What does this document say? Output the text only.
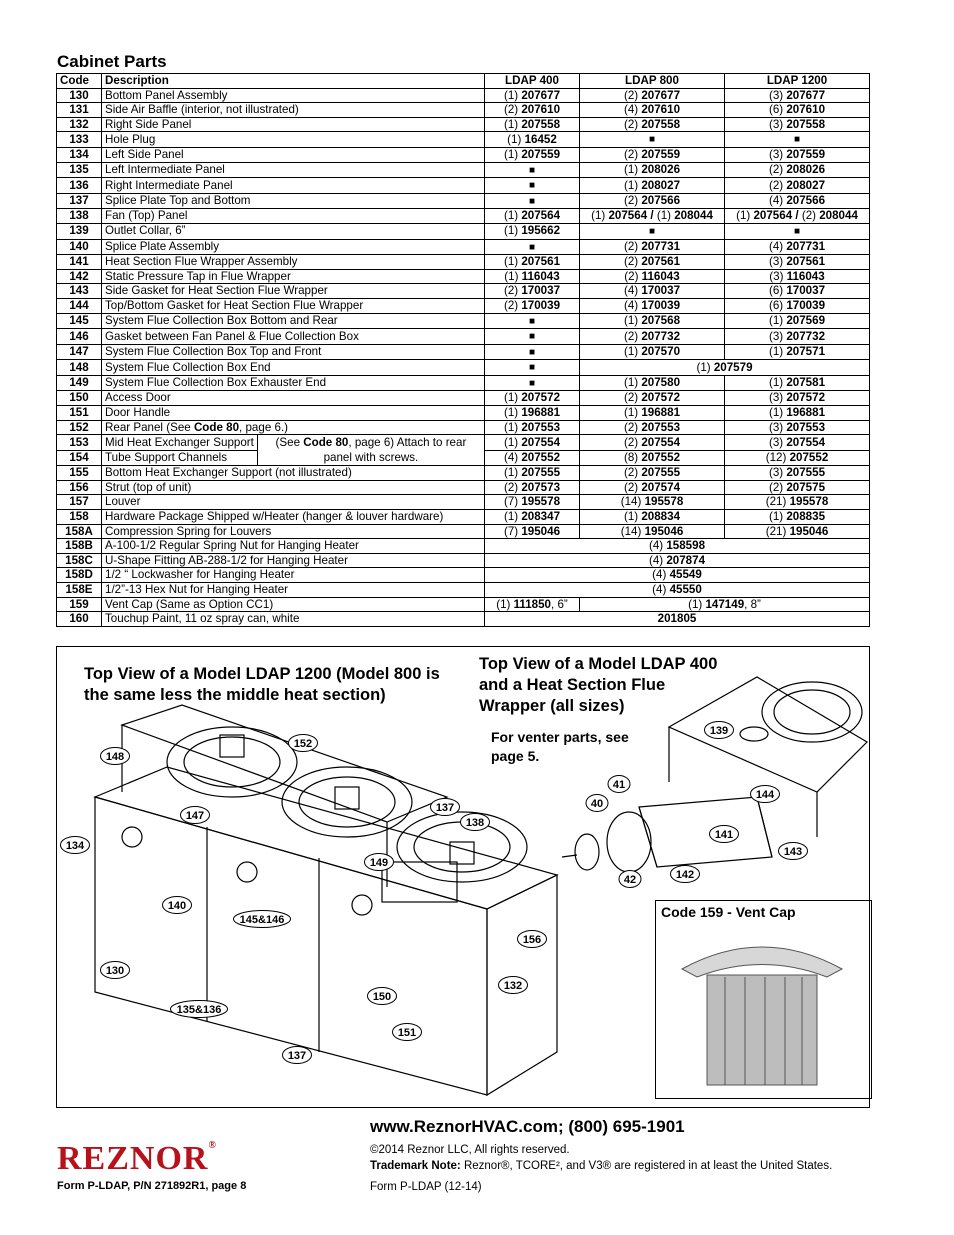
Cabinet Parts
Code	Description		LDAP 400	LDAP 800	LDAP 1200
130	Bottom Panel Assembly		(1) 207677	(2) 207677	(3) 207677
131	Side Air Baffle (interior, not illustrated)		(2) 207610	(4) 207610	(6) 207610
132	Right Side Panel		(1) 207558	(2) 207558	(3) 207558
133	Hole Plug		(1) 16452	■	■
134	Left Side Panel		(1) 207559	(2) 207559	(3) 207559
135	Left Intermediate Panel		■	(1) 208026	(2) 208026
136	Right Intermediate Panel		■	(1) 208027	(2) 208027
137	Splice Plate Top and Bottom		■	(2) 207566	(4) 207566
138	Fan (Top) Panel		(1) 207564	(1) 207564 / (1) 208044	(1) 207564 / (2) 208044
139	Outlet Collar, 6”		(1) 195662	■	■
140	Splice Plate Assembly		■	(2) 207731	(4) 207731
141	Heat Section Flue Wrapper Assembly		(1) 207561	(2) 207561	(3) 207561
142	Static Pressure Tap in Flue Wrapper		(1) 116043	(2) 116043	(3) 116043
143	Side Gasket for Heat Section Flue Wrapper		(2) 170037	(4) 170037	(6) 170037
144	Top/Bottom Gasket for Heat Section Flue Wrapper		(2) 170039	(4) 170039	(6) 170039
145	System Flue Collection Box Bottom and Rear		■	(1) 207568	(1) 207569
146	Gasket between Fan Panel & Flue Collection Box		■	(2) 207732	(3) 207732
147	System Flue Collection Box Top and Front		■	(1) 207570	(1) 207571
148	System Flue Collection Box End		■	(1) 207579	
149	System Flue Collection Box Exhauster End		■	(1) 207580	(1) 207581
150	Access Door		(1) 207572	(2) 207572	(3) 207572
151	Door Handle		(1) 196881	(1) 196881	(1) 196881
152	Rear Panel (See Code 80, page 6.)		(1) 207553	(2) 207553	(3) 207553
153	Mid Heat Exchanger Support	(See Code 80, page 6) Attach to rear panel with screws.	(1) 207554	(2) 207554	(3) 207554
154	Tube Support Channels		(4) 207552	(8) 207552	(12) 207552
155	Bottom Heat Exchanger Support (not illustrated)		(1) 207555	(2) 207555	(3) 207555
156	Strut (top of unit)		(2) 207573	(2) 207574	(2) 207575
157	Louver		(7) 195578	(14) 195578	(21) 195578
158	Hardware Package Shipped w/Heater (hanger & louver hardware)		(1) 208347	(1) 208834	(1) 208835
158A	Compression Spring for Louvers		(7) 195046	(14) 195046	(21) 195046
158B	A-100-1/2 Regular Spring Nut for Hanging Heater		(4) 158598		
158C	U-Shape Fitting AB-288-1/2 for Hanging Heater		(4) 207874		
158D	1/2 “ Lockwasher for Hanging Heater		(4) 45549		
158E	1/2”-13 Hex Nut for Hanging Heater		(4) 45550		
159	Vent Cap (Same as Option CC1)		(1) 111850, 6”	(1) 147149, 8”	
160	Touchup Paint, 11 oz spray can, white		201805		
Top View of a Model LDAP 1200 (Model 800 is the same less the middle heat section)
Top View of a Model LDAP 400 and a Heat Section Flue Wrapper (all sizes)
For venter parts, see page 5.
148
152
147
137
138
134
149
140
145&146
156
130
150
132
135&136
151
137
139
41
40
144
141
143
42	142
Code 159 - Vent Cap
www.ReznorHVAC.com; (800) 695-1901
©2014 Reznor LLC, All rights reserved.
Trademark Note: Reznor®, TCORE², and V3® are registered in at least the United States.
Form P-LDAP (12-14)
REZNOR®
Form P-LDAP, P/N 271892R1, page 8
